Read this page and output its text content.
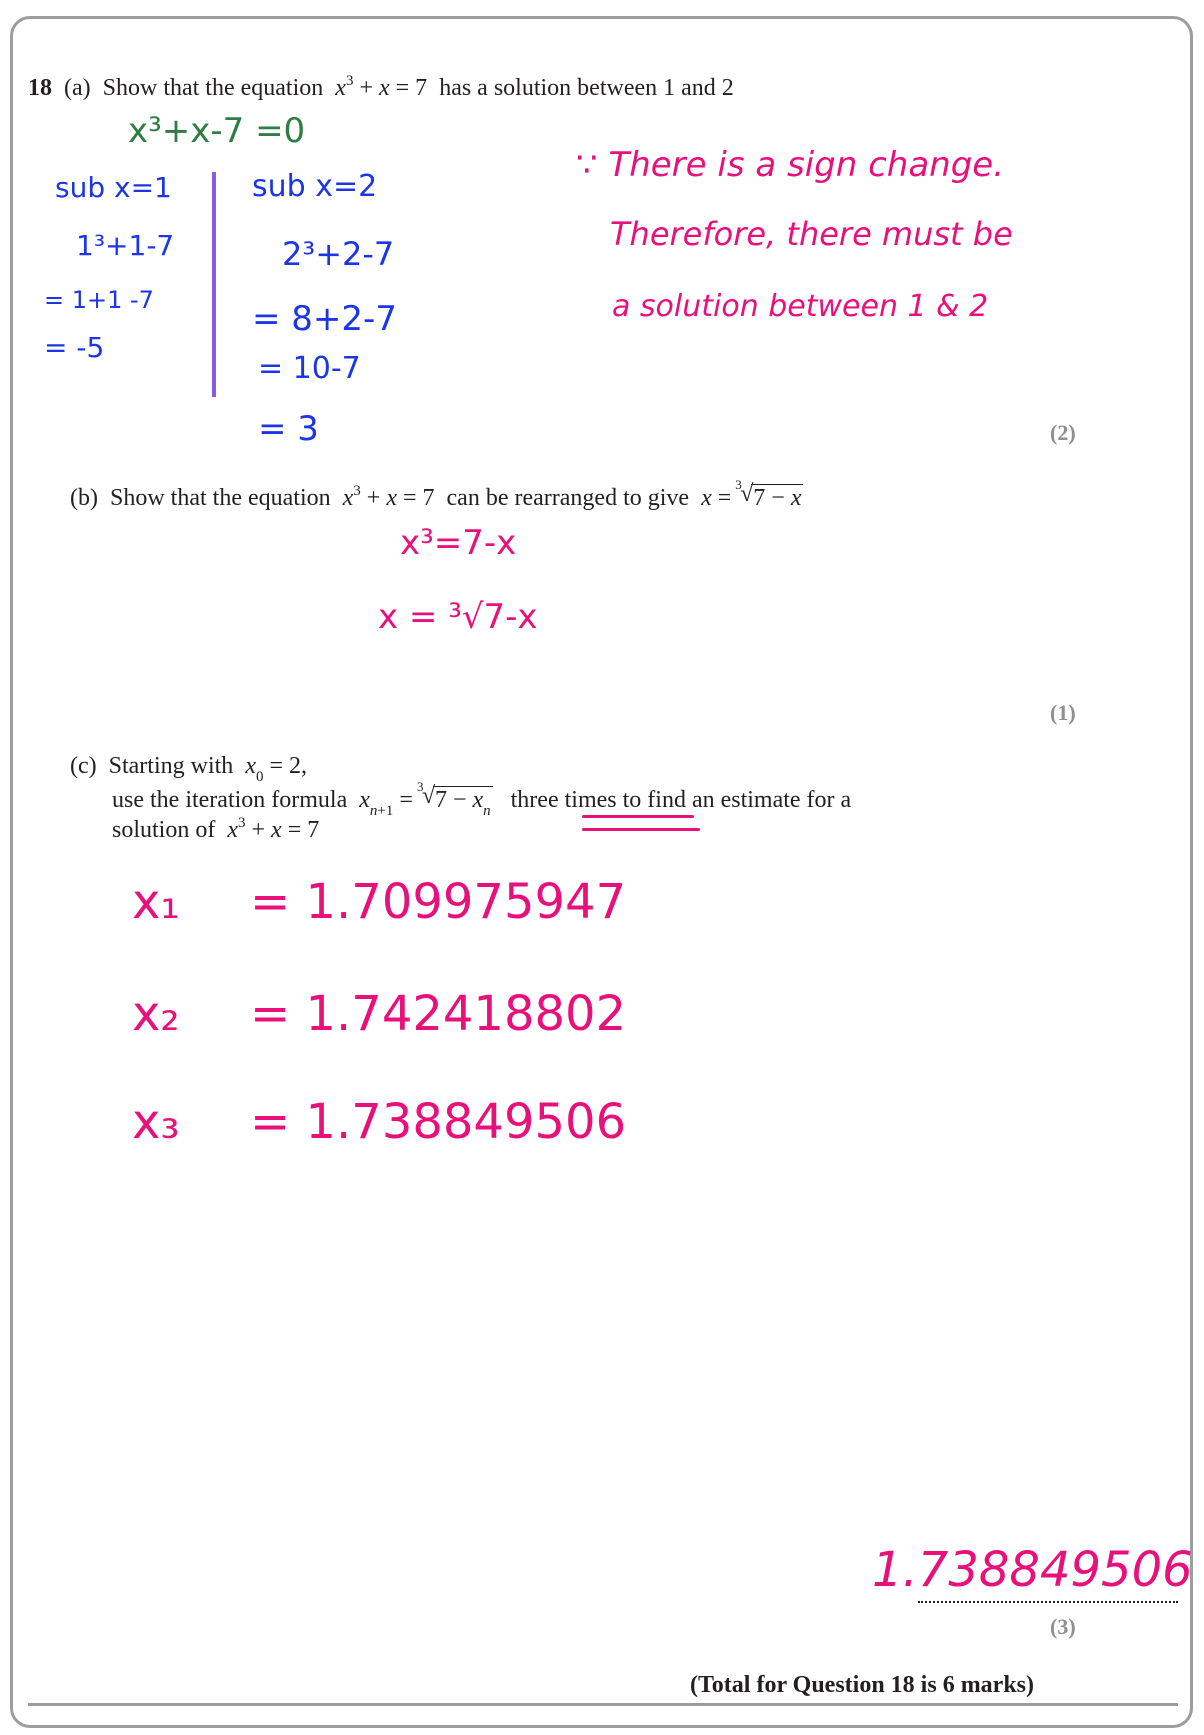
18 (a) Show that the equation $x^3 + x = 7$ has a solution between 1 and 2
x³+x-7 =0
sub x=1
1³+1-7
= 1+1 -7
= -5
sub x=2
2³+2-7
= 8+2-7
= 10-7
= 3
∵ There is a sign change.
Therefore, there must be
a solution between 1 & 2
(2)
(b) Show that the equation $x^3 + x = 7$ can be rearranged to give x =
3
√ 7 − x
x³=7-x
x = ³√7-x
(1)
(c) Starting with $x_0 = 2$,
use the iteration formula $x_{n+1}$ =
3
√ $7 - x_n$ three times to find an estimate for a
solution of $x^3 + x = 7$
x₁ = 1.709975947
x₂ = 1.742418802
x₃ = 1.738849506
1.738849506
(3)
(Total for Question 18 is 6 marks)
